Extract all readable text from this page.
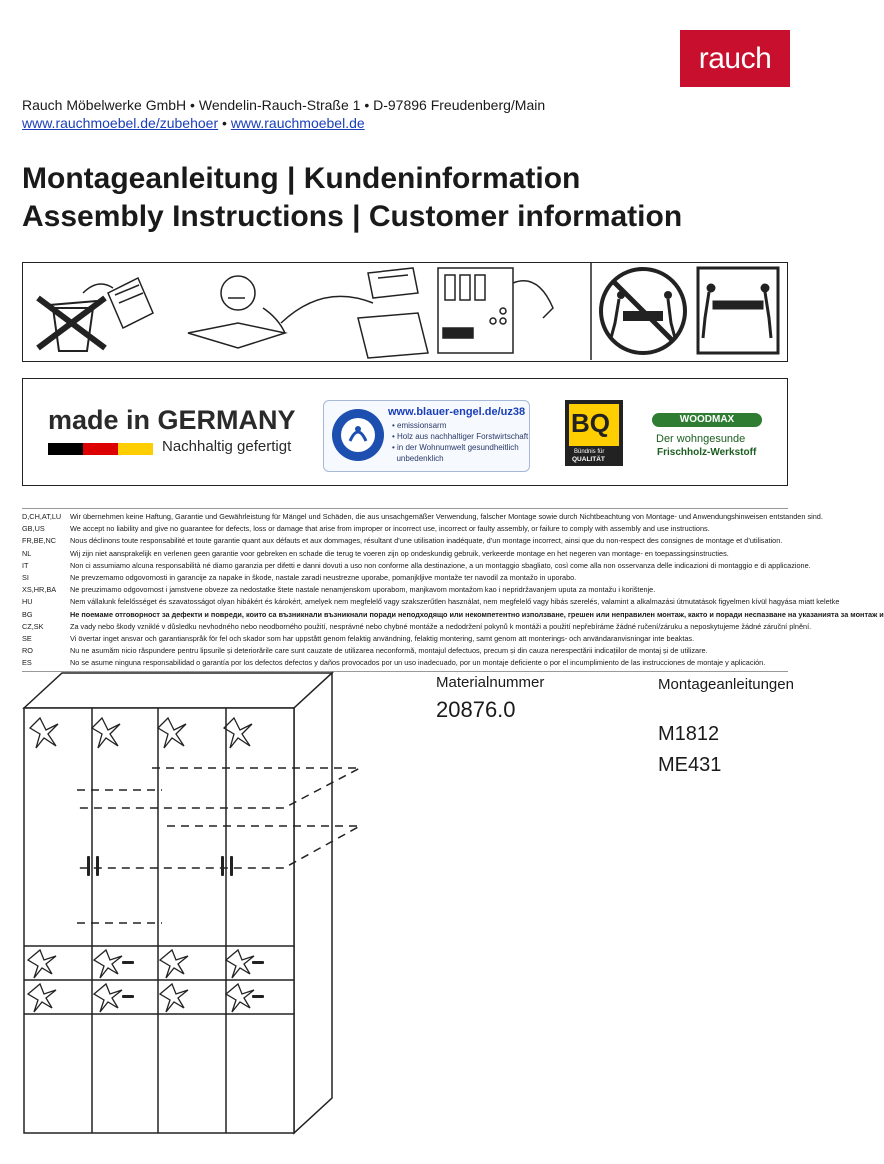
rauch
Rauch Möbelwerke GmbH • Wendelin-Rauch-Straße 1 • D-97896 Freudenberg/Main
www.rauchmoebel.de/zubehoer • www.rauchmoebel.de
Montageanleitung | Kundeninformation
Assembly Instructions | Customer information
made in GERMANY
Nachhaltig gefertigt
www.blauer-engel.de/uz38
• emissionsarm
• Holz aus nachhaltiger Forstwirtschaft
• in der Wohnumwelt gesundheitlich
unbedenklich
BQ
Bündnis für
QUALITÄT
WOODMAX
Der wohngesunde
Frischholz-Werkstoff
D,CH,AT,LU	Wir übernehmen keine Haftung, Garantie und Gewährleistung für Mängel und Schäden, die aus unsachgemäßer Verwendung, falscher Montage sowie durch Nichtbeachtung von Montage- und Anwendungshinweisen entstanden sind.
GB,US	We accept no liability and give no guarantee for defects, loss or damage that arise from improper or incorrect use, incorrect or faulty assembly, or failure to comply with assembly and use instructions.
FR,BE,NC	Nous déclinons toute responsabilité et toute garantie quant aux défauts et aux dommages, résultant d’une utilisation inadéquate, d’un montage incorrect, ainsi que du non-respect des consignes de montage et d’utilisation.
NL	Wij zijn niet aansprakelijk en verlenen geen garantie voor gebreken en schade die terug te voeren zijn op ondeskundig gebruik, verkeerde montage en het negeren van montage- en toepassingsinstructies.
IT	Non ci assumiamo alcuna responsabilità né diamo garanzia per difetti e danni dovuti a uso non conforme alla destinazione, a un montaggio sbagliato, così come alla non osservanza delle indicazioni di montaggio e di applicazione.
SI	Ne prevzemamo odgovornosti in garancije za napake in škode, nastale zaradi neustrezne uporabe, pomanjkljive montaže ter navodil za montažo in uporabo.
XS,HR,BA	Ne preuzimamo odgovornost i jamstvene obveze za nedostatke štete nastale nenamjenskom uporabom, manjkavom montažom kao i nepridržavanjem uputa za montažu i korištenje.
HU	Nem vállalunk felelősséget és szavatosságot olyan hibákért és károkért, amelyek nem megfelelő vagy szakszerűtlen használat, nem megfelelő vagy hibás szerelés, valamint a alkalmazási útmutatások figyelmen kívül hagyása miatt keletke
BG	Не поемаме отговорност за дефекти и повреди, които са възникнали възникнали поради неподходящо или некомпетентно използване, грешен или неправилен монтаж, както и поради неспазване на указанията за монтаж и
CZ,SK	Za vady nebo škody vzniklé v důsledku nevhodného nebo neodborného použití, nesprávné nebo chybné montáže a nedodržení pokynů k montáži a použití nepřebíráme žádné ručení/záruku a neposkytujeme žádné záruční plnění.
SE	Vi övertar inget ansvar och garantianspråk för fel och skador som har uppstått genom felaktig användning, felaktig montering, samt genom att monterings- och användaranvisningar inte beaktas.
RO	Nu ne asumăm nicio răspundere pentru lipsurile și deteriorările care sunt cauzate de utilizarea neconformă, montajul defectuos, precum și din cauza nerespectării indicațiilor de montaj și de utilizare.
ES	No se asume ninguna responsabilidad o garantía por los defectos defectos y daños provocados por un uso inadecuado, por un montaje deficiente o por el incumplimiento de las instrucciones de montaje y aplicación.
Materialnummer
20876.0
Montageanleitungen
M1812
ME431
